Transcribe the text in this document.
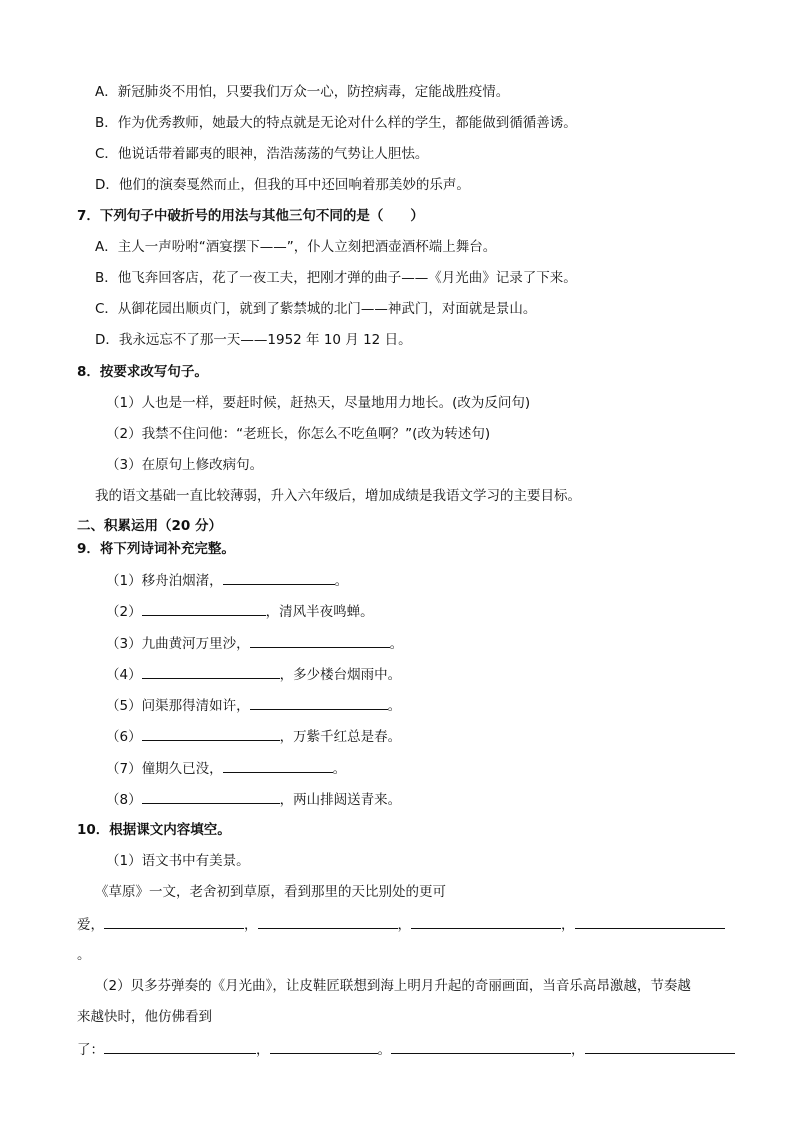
A．新冠肺炎不用怕，只要我们万众一心，防控病毒，定能战胜疫情。
B．作为优秀教师，她最大的特点就是无论对什么样的学生，都能做到循循善诱。
C．他说话带着鄙夷的眼神，浩浩荡荡的气势让人胆怯。
D．他们的演奏戛然而止，但我的耳中还回响着那美妙的乐声。
7．下列句子中破折号的用法与其他三句不同的是（　　）
A．主人一声吩咐“酒宴摆下——”，仆人立刻把酒壶酒杯端上舞台。
B．他飞奔回客店，花了一夜工夫，把刚才弹的曲子——《月光曲》记录了下来。
C．从御花园出顺贞门，就到了紫禁城的北门——神武门，对面就是景山。
D．我永远忘不了那一天——1952 年 10 月 12 日。
8．按要求改写句子。
（1）人也是一样，要赶时候，赶热天，尽量地用力地长。(改为反问句)
（2）我禁不住问他：“老班长，你怎么不吃鱼啊？”(改为转述句)
（3）在原句上修改病句。
我的语文基础一直比较薄弱，升入六年级后，增加成绩是我语文学习的主要目标。
二、积累运用（20 分）
9．将下列诗词补充完整。
（1）移舟泊烟渚，	。
（2）	，清风半夜鸣蝉。
（3）九曲黄河万里沙，	。
（4）	，多少楼台烟雨中。
（5）问渠那得清如许，	。
（6）	，万紫千红总是春。
（7）僮期久已没，	。
（8）	，两山排闼送青来。
10．根据课文内容填空。
（1）语文书中有美景。
《草原》一文，老舍初到草原，看到那里的天比别处的更可
爱，	，	，	，
。
（2）贝多芬弹奏的《月光曲》，让皮鞋匠联想到海上明月升起的奇丽画面，当音乐高昂激越，节奏越
来越快时，他仿佛看到
了：	，	。	，
